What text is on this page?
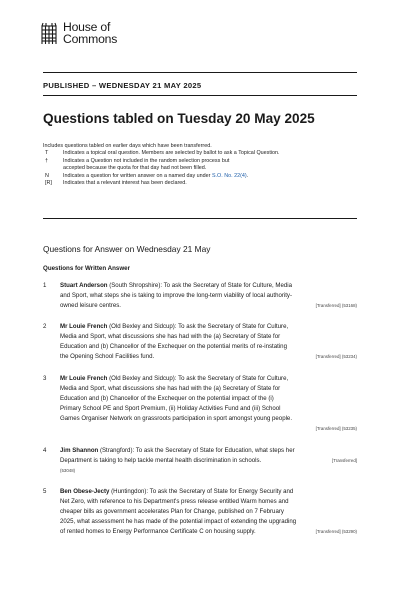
House of
Commons
PUBLISHED – WEDNESDAY 21 MAY 2025
Questions tabled on Tuesday 20 May 2025
Includes questions tabled on earlier days which have been transferred.
T	Indicates a topical oral question. Members are selected by ballot to ask a Topical Question.
†	Indicates a Question not included in the random selection process but
accepted because the quota for that day had not been filled.
N	Indicates a question for written answer on a named day under S.O. No. 22(4).
[R]	Indicates that a relevant interest has been declared.
Questions for Answer on Wednesday 21 May
Questions for Written Answer
1 Stuart Anderson (South Shropshire): To ask the Secretary of State for Culture, Media
and Sport, what steps she is taking to improve the long-term viability of local authority-
owned leisure centres.	[Transferred] (53168)
2 Mr Louie French (Old Bexley and Sidcup): To ask the Secretary of State for Culture,
Media and Sport, what discussions she has had with the (a) Secretary of State for
Education and (b) Chancellor of the Exchequer on the potential merits of re-instating
the Opening School Facilities fund.	[Transferred] (53234)
3 Mr Louie French (Old Bexley and Sidcup): To ask the Secretary of State for Culture,
Media and Sport, what discussions she has had with the (a) Secretary of State for
Education and (b) Chancellor of the Exchequer on the potential impact of the (i)
Primary School PE and Sport Premium, (ii) Holiday Activities Fund and (iii) School
Games Organiser Network on grassroots participation in sport amongst young people.

[Transferred] (53235)
4 Jim Shannon (Strangford): To ask the Secretary of State for Education, what steps her
Department is taking to help tackle mental health discrimination in schools.	[Transferred]

(53048)
5 Ben Obese-Jecty (Huntingdon): To ask the Secretary of State for Energy Security and
Net Zero, with reference to his Department's press release entitled Warm homes and
cheaper bills as government accelerates Plan for Change, published on 7 February
2025, what assessment he has made of the potential impact of extending the upgrading
of rented homes to Energy Performance Certificate C on housing supply.	[Transferred] (53290)
